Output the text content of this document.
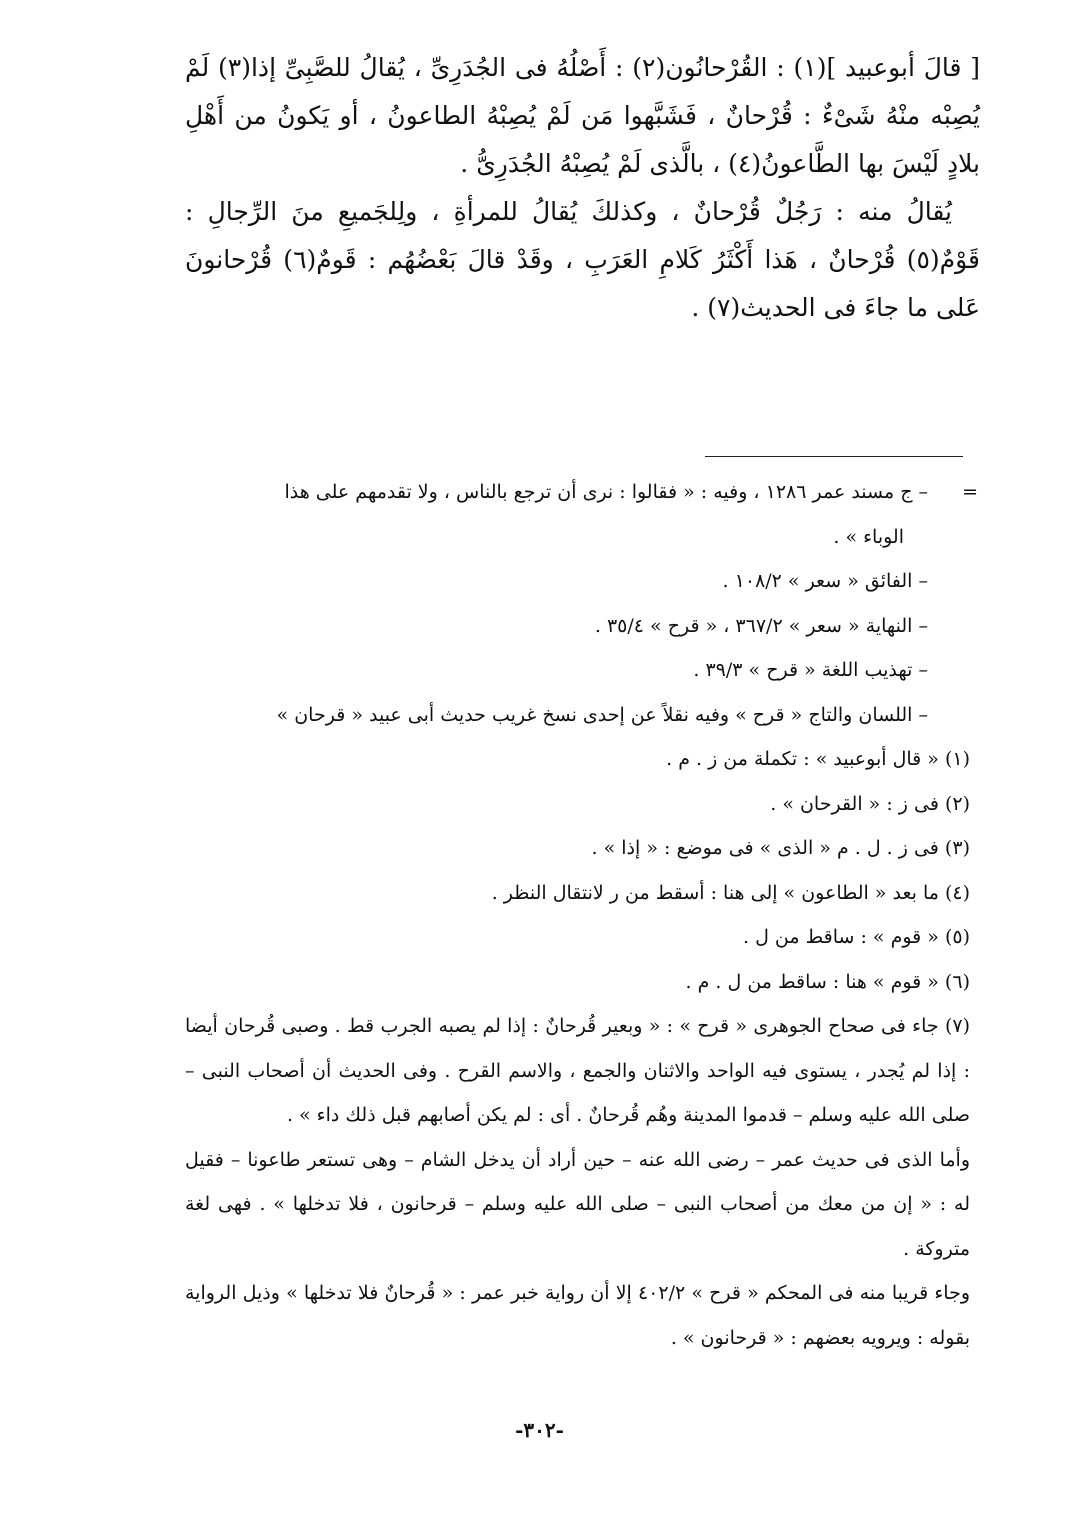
[ قالَ أبوعبيد ](١) : القُرْحانُون(٢) : أَصْلُهُ فى الجُدَرِىِّ ، يُقالُ للصَّبِىِّ إذا(٣) لَمْ يُصِبْه منْهُ شَىْءٌ : قُرْحانٌ ، فَشَبَّهوا مَن لَمْ يُصِبْهُ الطاعونُ ، أو يَكونُ من أَهْلِ بلادٍ لَيْسَ بها الطَّاعونُ(٤) ، بالَّذى لَمْ يُصِبْهُ الجُدَرِىُّ .

يُقالُ منه : رَجُلٌ قُرْحانٌ ، وكذلكَ يُقالُ للمرأةِ ، ولِلجَميعِ منَ الرِّجالِ : قَوْمٌ(٥) قُرْحانٌ ، هَذا أَكْثَرُ كَلامِ العَرَبِ ، وقَدْ قالَ بَعْضُهُم : قَومٌ(٦) قُرْحانونَ عَلى ما جاءَ فى الحديث(٧) .

=
– ج مسند عمر ١٢٨٦ ، وفيه : « فقالوا : نرى أن ترجع بالناس ، ولا تقدمهم على هذا
الوباء » .
– الفائق « سعر » ١٠٨/٢ .
– النهاية « سعر » ٣٦٧/٢ ، « قرح » ٣٥/٤ .
– تهذيب اللغة « قرح » ٣٩/٣ .
– اللسان والتاج « قرح » وفيه نقلاً عن إحدى نسخ غريب حديث أبى عبيد « قرحان »
(١) « قال أبوعبيد » : تكملة من ز . م .
(٢) فى ز : « القرحان » .
(٣) فى ز . ل . م « الذى » فى موضع : « إذا » .
(٤) ما بعد « الطاعون » إلى هنا : أسقط من ر لانتقال النظر .
(٥) « قوم » : ساقط من ل .
(٦) « قوم » هنا : ساقط من ل . م .
(٧) جاء فى صحاح الجوهرى « قرح » : « وبعير قُرحانٌ : إذا لم يصبه الجرب قط . وصبى قُرحان أيضا : إذا لم يُجدر ، يستوى فيه الواحد والاثنان والجمع ، والاسم القرح . وفى الحديث أن أصحاب النبى – صلى الله عليه وسلم – قدموا المدينة وهُم قُرحانٌ . أى : لم يكن أصابهم قبل ذلك داء » .
وأما الذى فى حديث عمر – رضى الله عنه – حين أراد أن يدخل الشام – وهى تستعر طاعونا – فقيل له : « إن من معك من أصحاب النبى – صلى الله عليه وسلم – قرحانون ، فلا تدخلها » . فهى لغة متروكة .
وجاء قريبا منه فى المحكم « قرح » ٤٠٢/٢ إلا أن رواية خبر عمر : « قُرحانٌ فلا تدخلها » وذيل الرواية بقوله : ويرويه بعضهم : « قرحانون » .
-٣٠٢-
